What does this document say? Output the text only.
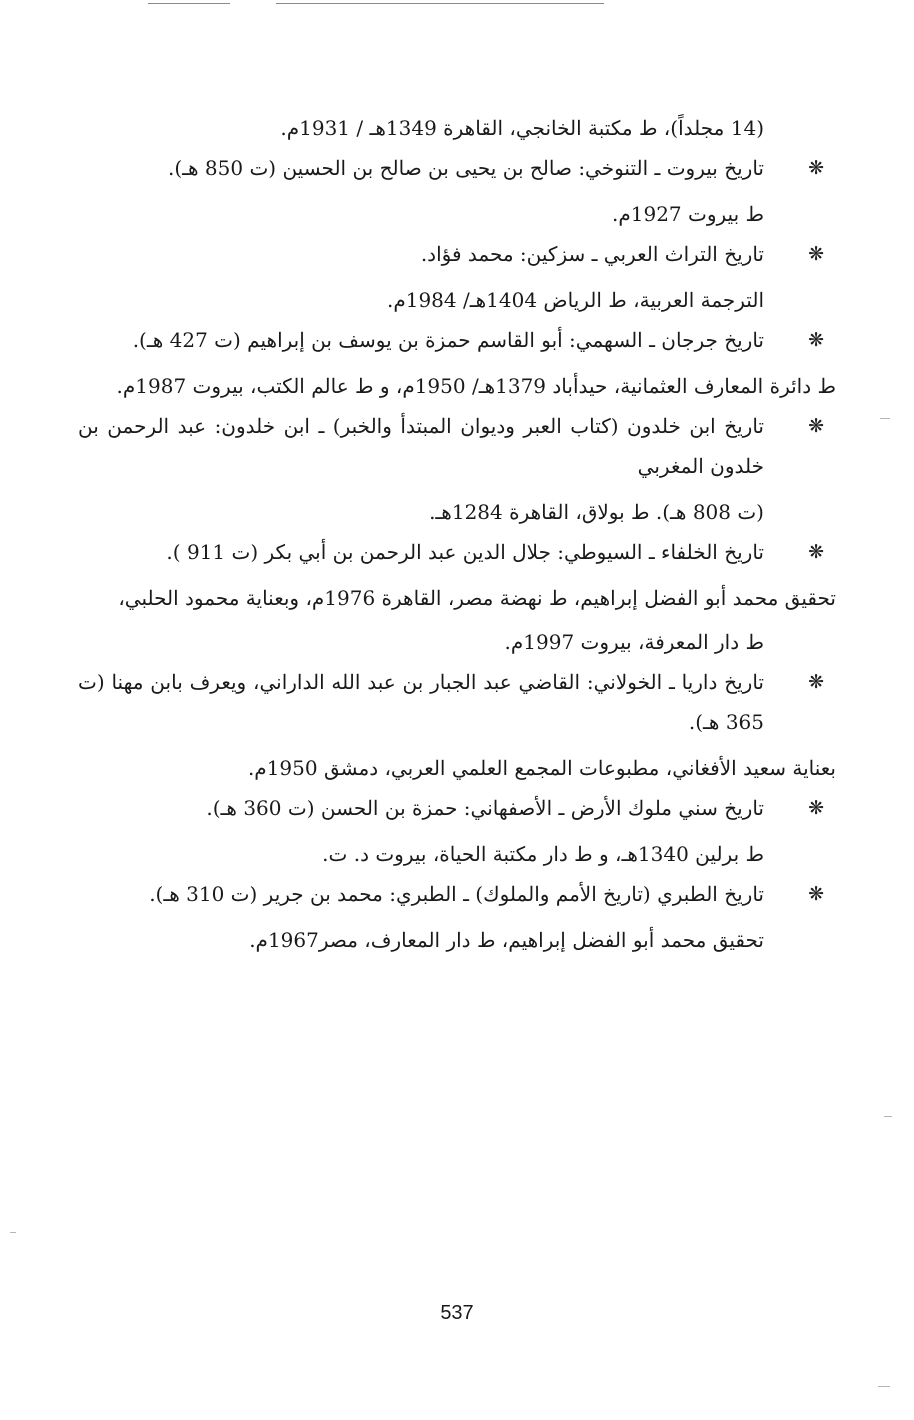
(14 مجلداً)، ط مكتبة الخانجي، القاهرة 1349هـ / 1931م.
❋
تاريخ بيروت ـ التنوخي: صالح بن يحيى بن صالح بن الحسين (ت 850 هـ).
ط بيروت 1927م.
❋
تاريخ التراث العربي ـ سزكين: محمد فؤاد.
الترجمة العربية، ط الرياض 1404هـ/ 1984م.
❋
تاريخ جرجان ـ السهمي: أبو القاسم حمزة بن يوسف بن إبراهيم (ت 427 هـ).
ط دائرة المعارف العثمانية، حيدأباد 1379هـ/ 1950م، و ط عالم الكتب، بيروت 1987م.
❋
تاريخ ابن خلدون (كتاب العبر وديوان المبتدأ والخبر) ـ ابن خلدون: عبد الرحمن بن خلدون المغربي
(ت 808 هـ). ط بولاق، القاهرة 1284هـ.
❋
تاريخ الخلفاء ـ السيوطي: جلال الدين عبد الرحمن بن أبي بكر (ت 911 ).
تحقيق محمد أبو الفضل إبراهيم، ط نهضة مصر، القاهرة 1976م، وبعناية محمود الحلبي،
ط دار المعرفة، بيروت 1997م.
❋
تاريخ داريا ـ الخولاني: القاضي عبد الجبار بن عبد الله الداراني، ويعرف بابن مهنا (ت 365 هـ).
بعناية سعيد الأفغاني، مطبوعات المجمع العلمي العربي، دمشق 1950م.
❋
تاريخ سني ملوك الأرض ـ الأصفهاني: حمزة بن الحسن (ت 360 هـ).
ط برلين 1340هـ، و ط دار مكتبة الحياة، بيروت د. ت.
❋
تاريخ الطبري (تاريخ الأمم والملوك) ـ الطبري: محمد بن جرير (ت 310 هـ).
تحقيق محمد أبو الفضل إبراهيم، ط دار المعارف، مصر1967م.
537
